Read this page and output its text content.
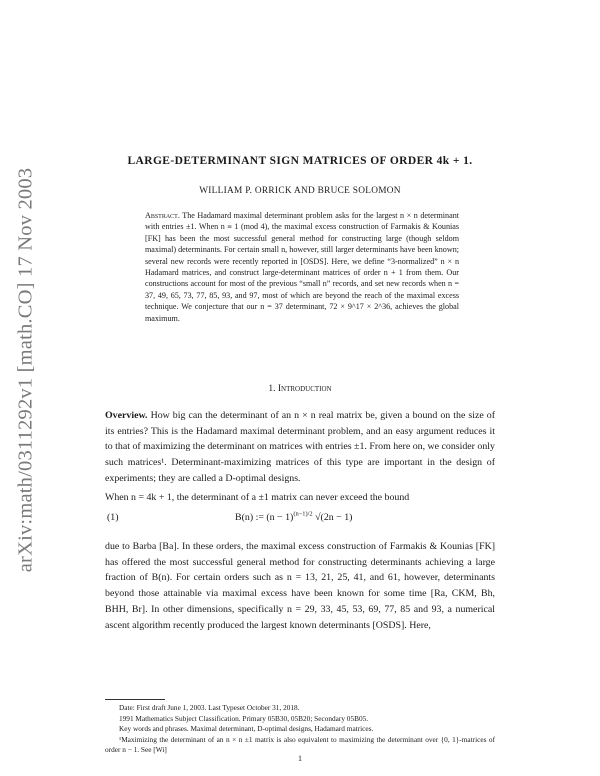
arXiv:math/0311292v1 [math.CO] 17 Nov 2003
LARGE-DETERMINANT SIGN MATRICES OF ORDER 4k + 1.
WILLIAM P. ORRICK AND BRUCE SOLOMON
Abstract. The Hadamard maximal determinant problem asks for the largest n × n determinant with entries ±1. When n ≡ 1 (mod 4), the maximal excess construction of Farmakis & Kounias [FK] has been the most successful general method for constructing large (though seldom maximal) determinants. For certain small n, however, still larger determinants have been known; several new records were recently reported in [OSDS]. Here, we define “3-normalized” n × n Hadamard matrices, and construct large-determinant matrices of order n + 1 from them. Our constructions account for most of the previous “small n” records, and set new records when n = 37, 49, 65, 73, 77, 85, 93, and 97, most of which are beyond the reach of the maximal excess technique. We conjecture that our n = 37 determinant, 72 × 9^17 × 2^36, achieves the global maximum.
1. Introduction
Overview. How big can the determinant of an n × n real matrix be, given a bound on the size of its entries? This is the Hadamard maximal determinant problem, and an easy argument reduces it to that of maximizing the determinant on matrices with entries ±1. From here on, we consider only such matrices¹. Determinant-maximizing matrices of this type are important in the design of experiments; they are called a D-optimal designs.
When n = 4k + 1, the determinant of a ±1 matrix can never exceed the bound
(1)	B(n) := $(n - 1)^{(n-1)/2}$ √(2n − 1)
due to Barba [Ba]. In these orders, the maximal excess construction of Farmakis & Kounias [FK] has offered the most successful general method for constructing determinants achieving a large fraction of B(n). For certain orders such as n = 13, 21, 25, 41, and 61, however, determinants beyond those attainable via maximal excess have been known for some time [Ra, CKM, Bh, BHH, Br]. In other dimensions, specifically n = 29, 33, 45, 53, 69, 77, 85 and 93, a numerical ascent algorithm recently produced the largest known determinants [OSDS]. Here,
Date: First draft June 1, 2003. Last Typeset October 31, 2018.
1991 Mathematics Subject Classification. Primary 05B30, 05B20; Secondary 05B05.
Key words and phrases. Maximal determinant, D-optimal designs, Hadamard matrices.
¹Maximizing the determinant of an n × n ±1 matrix is also equivalent to maximizing the determinant over {0, 1}-matrices of order n − 1. See [Wi]
1
